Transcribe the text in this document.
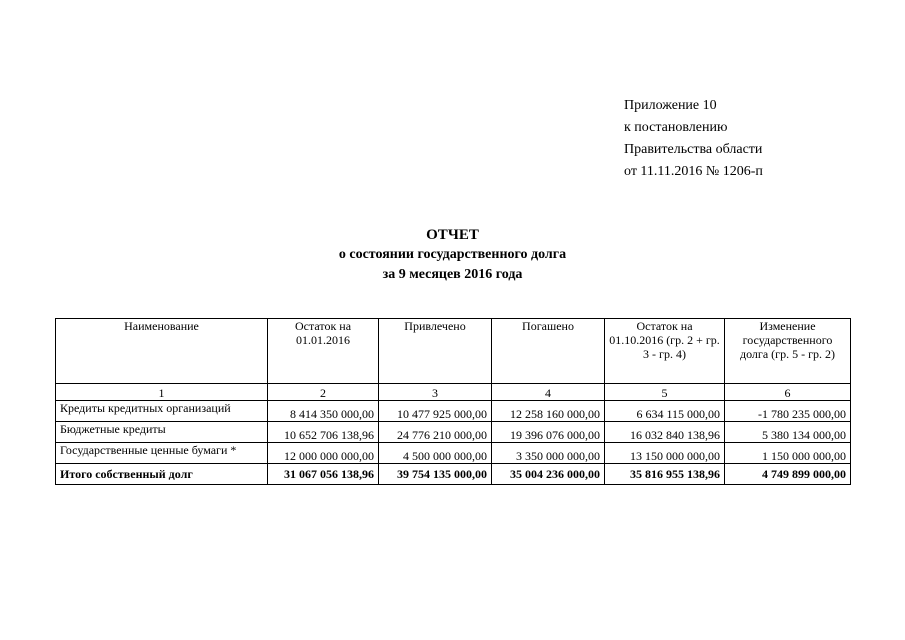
Приложение 10
к постановлению
Правительства области
от 11.11.2016 № 1206-п
ОТЧЕТ
о состоянии государственного долга
за 9 месяцев 2016 года
Наименование	Остаток на 01.01.2016	Привлечено	Погашено	Остаток на 01.10.2016 (гр. 2 + гр. 3 - гр. 4)	Изменение государственного долга (гр. 5 - гр. 2)
1	2	3	4	5	6
Кредиты кредитных организаций	8 414 350 000,00	10 477 925 000,00	12 258 160 000,00	6 634 115 000,00	-1 780 235 000,00
Бюджетные кредиты	10 652 706 138,96	24 776 210 000,00	19 396 076 000,00	16 032 840 138,96	5 380 134 000,00
Государственные ценные бумаги *	12 000 000 000,00	4 500 000 000,00	3 350 000 000,00	13 150 000 000,00	1 150 000 000,00
Итого собственный долг	31 067 056 138,96	39 754 135 000,00	35 004 236 000,00	35 816 955 138,96	4 749 899 000,00
